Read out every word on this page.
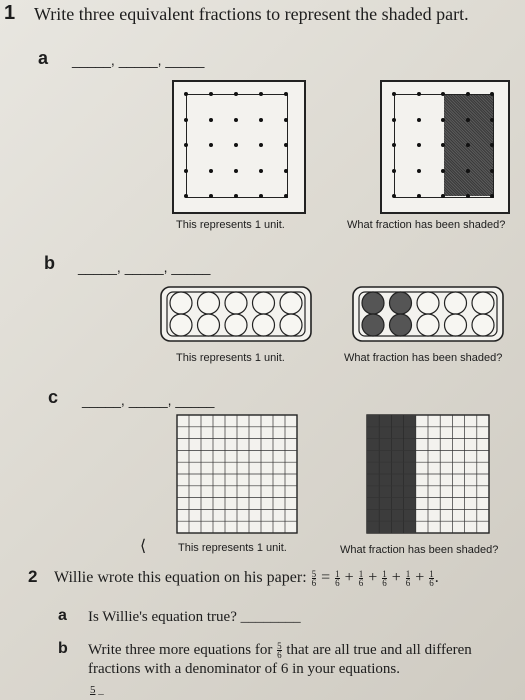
1 Write three equivalent fractions to represent the shaded part.
a _____, _____, _____
This represents 1 unit.	What fraction has been shaded?
b _____, _____, _____
This represents 1 unit.	What fraction has been shaded?
c _____, _____, _____
⟨	This represents 1 unit.	What fraction has been shaded?
2 Willie wrote this equation on his paper: $\frac{5}{6} = \frac{1}{6} + \frac{1}{6} + \frac{1}{6} + \frac{1}{6} + \frac{1}{6}$ .
a Is Willie's equation true? ________
b Write three more equations for $\frac{5}{6}$ that are all true and all differen
fractions with a denominator of 6 in your equations.
5 _
